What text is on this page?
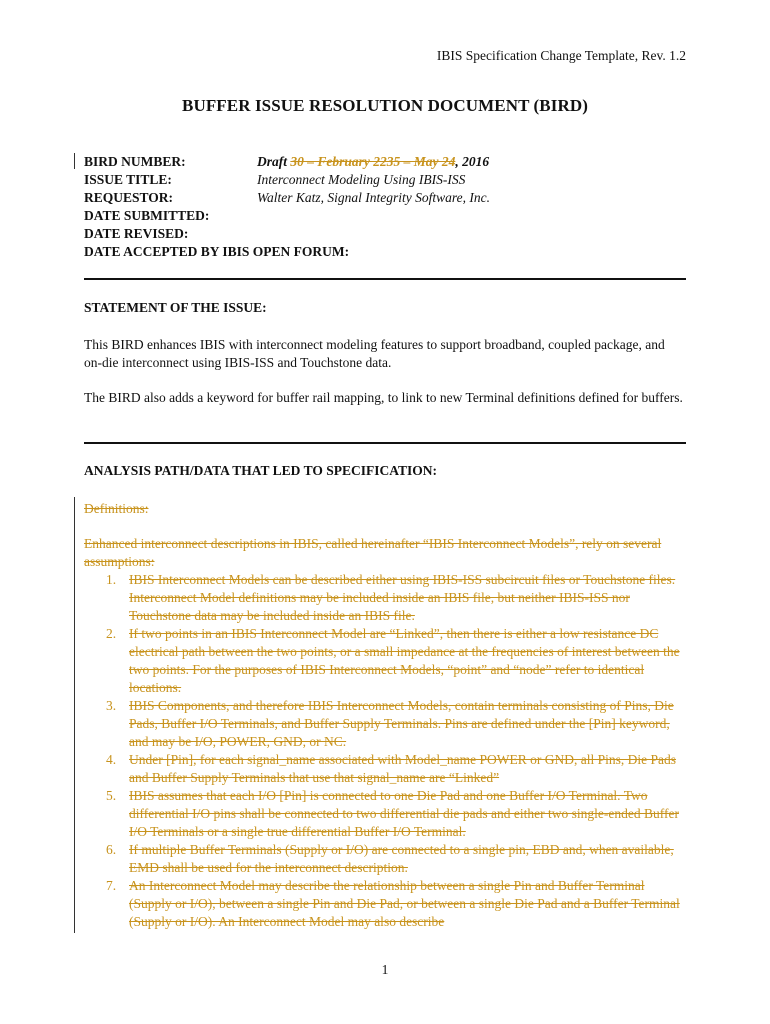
IBIS Specification Change Template, Rev. 1.2
BUFFER ISSUE RESOLUTION DOCUMENT (BIRD)
BIRD NUMBER:	Draft 30 – February 2235 – May 24, 2016
ISSUE TITLE:	Interconnect Modeling Using IBIS-ISS
REQUESTOR:	Walter Katz, Signal Integrity Software, Inc.
DATE SUBMITTED:
DATE REVISED:
DATE ACCEPTED BY IBIS OPEN FORUM:
STATEMENT OF THE ISSUE:
This BIRD enhances IBIS with interconnect modeling features to support broadband, coupled package, and on-die interconnect using IBIS-ISS and Touchstone data.
The BIRD also adds a keyword for buffer rail mapping, to link to new Terminal definitions defined for buffers.
ANALYSIS PATH/DATA THAT LED TO SPECIFICATION:
Definitions:
Enhanced interconnect descriptions in IBIS, called hereinafter “IBIS Interconnect Models”, rely on several assumptions:
1. IBIS Interconnect Models can be described either using IBIS-ISS subcircuit files or Touchstone files. Interconnect Model definitions may be included inside an IBIS file, but neither IBIS-ISS nor Touchstone data may be included inside an IBIS file.
2. If two points in an IBIS Interconnect Model are “Linked”, then there is either a low resistance DC electrical path between the two points, or a small impedance at the frequencies of interest between the two points. For the purposes of IBIS Interconnect Models, “point” and “node” refer to identical locations.
3. IBIS Components, and therefore IBIS Interconnect Models, contain terminals consisting of Pins, Die Pads, Buffer I/O Terminals, and Buffer Supply Terminals. Pins are defined under the [Pin] keyword, and may be I/O, POWER, GND, or NC.
4. Under [Pin], for each signal_name associated with Model_name POWER or GND, all Pins, Die Pads and Buffer Supply Terminals that use that signal_name are “Linked”
5. IBIS assumes that each I/O [Pin] is connected to one Die Pad and one Buffer I/O Terminal. Two differential I/O pins shall be connected to two differential die pads and either two single-ended Buffer I/O Terminals or a single true differential Buffer I/O Terminal.
6. If multiple Buffer Terminals (Supply or I/O) are connected to a single pin, EBD and, when available, EMD shall be used for the interconnect description.
7. An Interconnect Model may describe the relationship between a single Pin and Buffer Terminal (Supply or I/O), between a single Pin and Die Pad, or between a single Die Pad and a Buffer Terminal (Supply or I/O). An Interconnect Model may also describe
1
